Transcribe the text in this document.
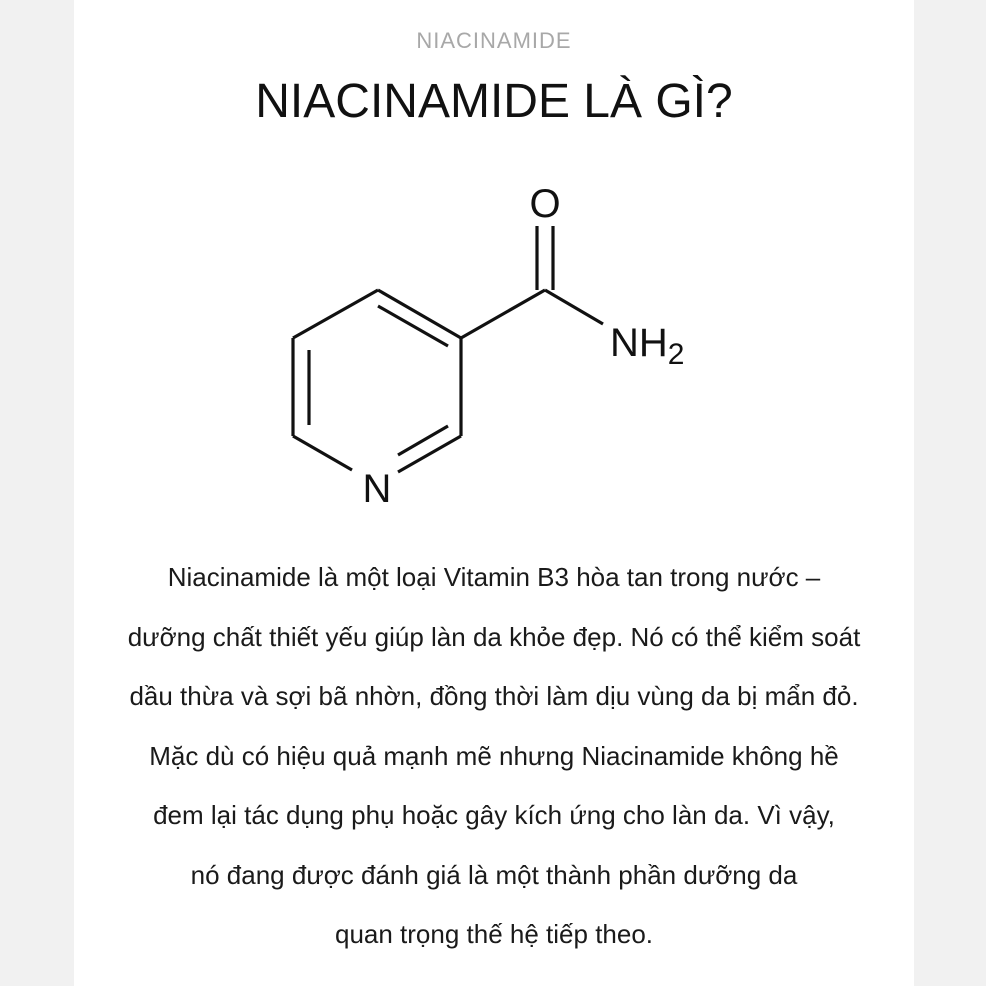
NIACINAMIDE
NIACINAMIDE LÀ GÌ?
O
$NH_2$
N

Niacinamide là một loại Vitamin B3 hòa tan trong nước –
dưỡng chất thiết yếu giúp làn da khỏe đẹp. Nó có thể kiểm soát
dầu thừa và sợi bã nhờn, đồng thời làm dịu vùng da bị mẩn đỏ.
Mặc dù có hiệu quả mạnh mẽ nhưng Niacinamide không hề
đem lại tác dụng phụ hoặc gây kích ứng cho làn da. Vì vậy,
nó đang được đánh giá là một thành phần dưỡng da
quan trọng thế hệ tiếp theo.
